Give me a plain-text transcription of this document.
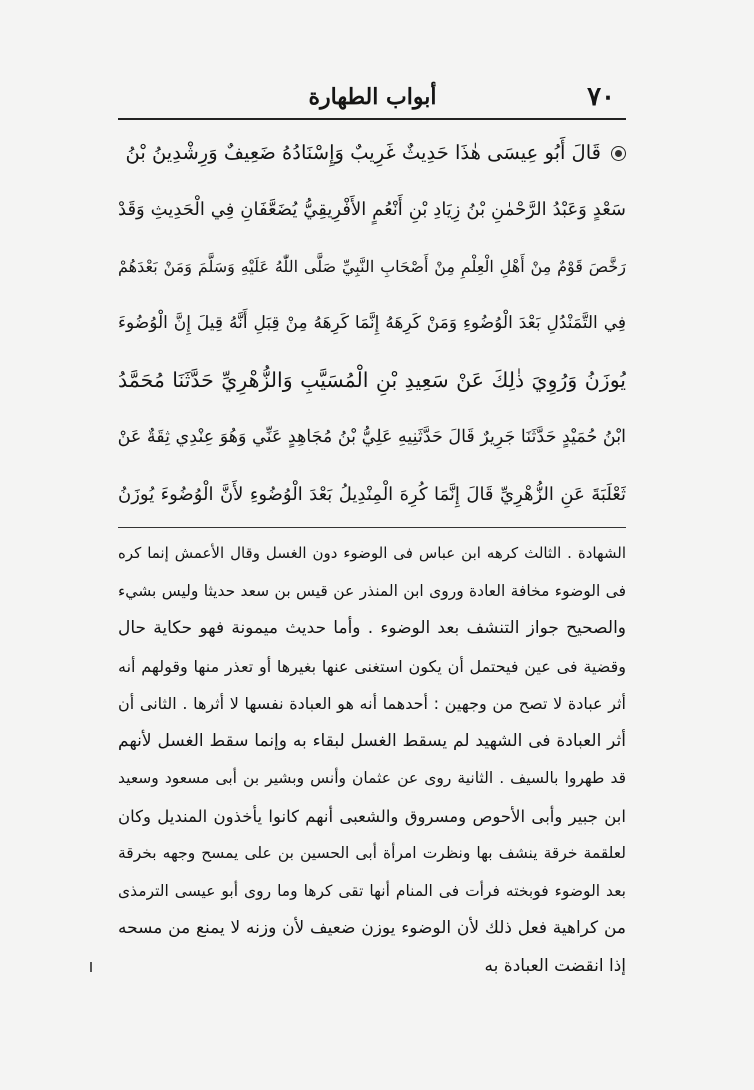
٧٠
أبواب الطهارة
قَالَ أَبُو عِيسَى هٰذَا حَدِيثٌ غَرِيبٌ وَإِسْنَادُهُ ضَعِيفٌ وَرِشْدِينُ بْنُ
سَعْدٍ وَعَبْدُ الرَّحْمٰنِ بْنُ زِيَادِ بْنِ أَنْعُمٍ الأَفْرِيقِيُّ يُضَعَّفَانِ فِي الْحَدِيثِ وَقَدْ
رَخَّصَ قَوْمٌ مِنْ أَهْلِ الْعِلْمِ مِنْ أَصْحَابِ النَّبِيِّ صَلَّى اللّٰهُ عَلَيْهِ وَسَلَّمَ وَمَنْ بَعْدَهُمْ
فِي التَّمَنْدُلِ بَعْدَ الْوُضُوءِ وَمَنْ كَرِهَهُ إِنَّمَا كَرِهَهُ مِنْ قِبَلِ أَنَّهُ قِيلَ إِنَّ الْوُضُوءَ
يُوزَنُ وَرُوِيَ ذٰلِكَ عَنْ سَعِيدِ بْنِ الْمُسَيَّبِ وَالزُّهْرِيِّ حَدَّثَنَا مُحَمَّدُ
ابْنُ حُمَيْدٍ حَدَّثَنَا جَرِيرٌ قَالَ حَدَّثَنِيهِ عَلِيُّ بْنُ مُجَاهِدٍ عَنِّي وَهُوَ عِنْدِي ثِقَةٌ عَنْ
ثَعْلَبَةَ عَنِ الزُّهْرِيِّ قَالَ إِنَّمَا كُرِهَ الْمِنْدِيلُ بَعْدَ الْوُضُوءِ لأَنَّ الْوُضُوءَ يُوزَنُ
الشهادة . الثالث كرهه ابن عباس فى الوضوء دون الغسل وقال الأعمش إنما كره
فى الوضوء مخافة العادة وروى ابن المنذر عن قيس بن سعد حديثا وليس بشيء
والصحيح جواز التنشف بعد الوضوء . وأما حديث ميمونة فهو حكاية حال
وقضية فى عين فيحتمل أن يكون استغنى عنها بغيرها أو تعذر منها وقولهم أنه
أثر عبادة لا تصح من وجهين : أحدهما أنه هو العبادة نفسها لا أثرها . الثانى أن
أثر العبادة فى الشهيد لم يسقط الغسل لبقاء به وإنما سقط الغسل لأنهم
قد طهروا بالسيف . الثانية روى عن عثمان وأنس وبشير بن أبى مسعود وسعيد
ابن جبير وأبى الأحوص ومسروق والشعبى أنهم كانوا يأخذون المنديل وكان
لعلقمة خرقة ينشف بها ونظرت امرأة أبى الحسين بن على يمسح وجهه بخرقة
بعد الوضوء فوبخته فرأت فى المنام أنها تقى كرها وما روى أبو عيسى الترمذى
من كراهية فعل ذلك لأن الوضوء يوزن ضعيف لأن وزنه لا يمنع من مسحه
إذا انقضت العبادة به
